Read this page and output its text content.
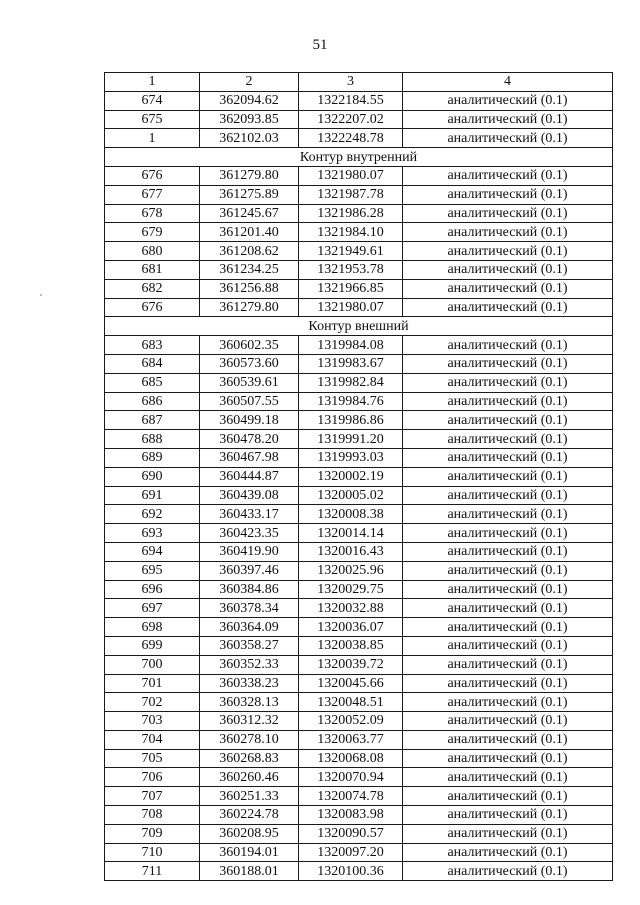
51
1	2	3	4
674	362094.62	1322184.55	аналитический (0.1)
675	362093.85	1322207.02	аналитический (0.1)
1	362102.03	1322248.78	аналитический (0.1)
Контур внутренний			
676	361279.80	1321980.07	аналитический (0.1)
677	361275.89	1321987.78	аналитический (0.1)
678	361245.67	1321986.28	аналитический (0.1)
679	361201.40	1321984.10	аналитический (0.1)
680	361208.62	1321949.61	аналитический (0.1)
681	361234.25	1321953.78	аналитический (0.1)
682	361256.88	1321966.85	аналитический (0.1)
676	361279.80	1321980.07	аналитический (0.1)
Контур внешний			
683	360602.35	1319984.08	аналитический (0.1)
684	360573.60	1319983.67	аналитический (0.1)
685	360539.61	1319982.84	аналитический (0.1)
686	360507.55	1319984.76	аналитический (0.1)
687	360499.18	1319986.86	аналитический (0.1)
688	360478.20	1319991.20	аналитический (0.1)
689	360467.98	1319993.03	аналитический (0.1)
690	360444.87	1320002.19	аналитический (0.1)
691	360439.08	1320005.02	аналитический (0.1)
692	360433.17	1320008.38	аналитический (0.1)
693	360423.35	1320014.14	аналитический (0.1)
694	360419.90	1320016.43	аналитический (0.1)
695	360397.46	1320025.96	аналитический (0.1)
696	360384.86	1320029.75	аналитический (0.1)
697	360378.34	1320032.88	аналитический (0.1)
698	360364.09	1320036.07	аналитический (0.1)
699	360358.27	1320038.85	аналитический (0.1)
700	360352.33	1320039.72	аналитический (0.1)
701	360338.23	1320045.66	аналитический (0.1)
702	360328.13	1320048.51	аналитический (0.1)
703	360312.32	1320052.09	аналитический (0.1)
704	360278.10	1320063.77	аналитический (0.1)
705	360268.83	1320068.08	аналитический (0.1)
706	360260.46	1320070.94	аналитический (0.1)
707	360251.33	1320074.78	аналитический (0.1)
708	360224.78	1320083.98	аналитический (0.1)
709	360208.95	1320090.57	аналитический (0.1)
710	360194.01	1320097.20	аналитический (0.1)
711	360188.01	1320100.36	аналитический (0.1)
